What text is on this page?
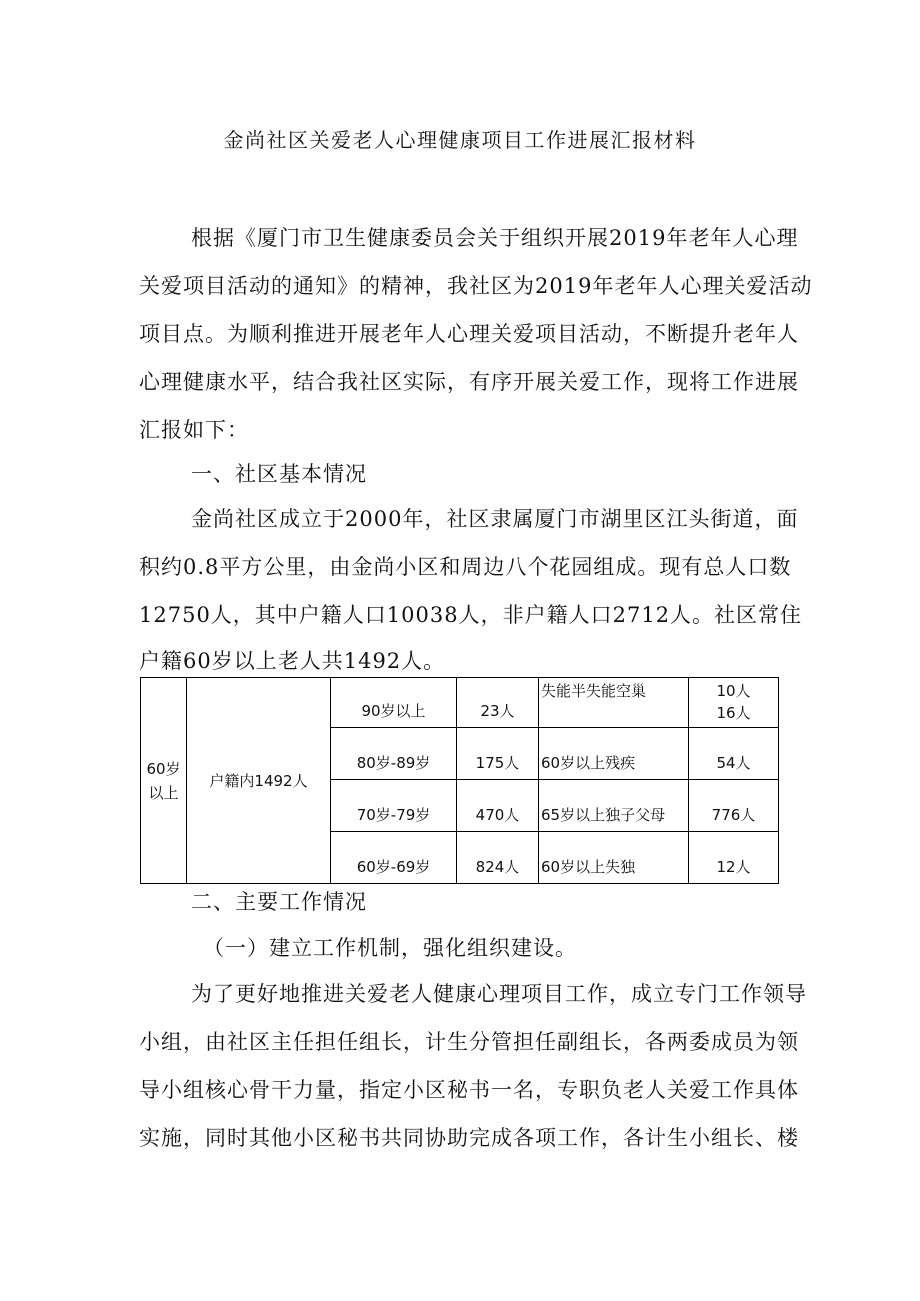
金尚社区关爱老人心理健康项目工作进展汇报材料
根据《厦门市卫生健康委员会关于组织开展2019年老年人心理
关爱项目活动的通知》的精神，我社区为2019年老年人心理关爱活动
项目点。为顺利推进开展老年人心理关爱项目活动，不断提升老年人
心理健康水平，结合我社区实际，有序开展关爱工作，现将工作进展
汇报如下：
一、社区基本情况
金尚社区成立于2000年，社区隶属厦门市湖里区江头街道，面
积约0.8平方公里，由金尚小区和周边八个花园组成。现有总人口数
12750人，其中户籍人口10038人，非户籍人口2712人。社区常住
户籍60岁以上老人共1492人。
60岁
以上	户籍内1492人	90岁以上	23人	失能半失能空巢	10人
16人

		80岁-89岁	175人	60岁以上残疾	54人
		70岁-79岁	470人	65岁以上独子父母	776人
		60岁-69岁	824人	60岁以上失独	12人
二、主要工作情况
（一）建立工作机制，强化组织建设。
为了更好地推进关爱老人健康心理项目工作，成立专门工作领导
小组，由社区主任担任组长，计生分管担任副组长，各两委成员为领
导小组核心骨干力量，指定小区秘书一名，专职负老人关爱工作具体
实施，同时其他小区秘书共同协助完成各项工作，各计生小组长、楼
